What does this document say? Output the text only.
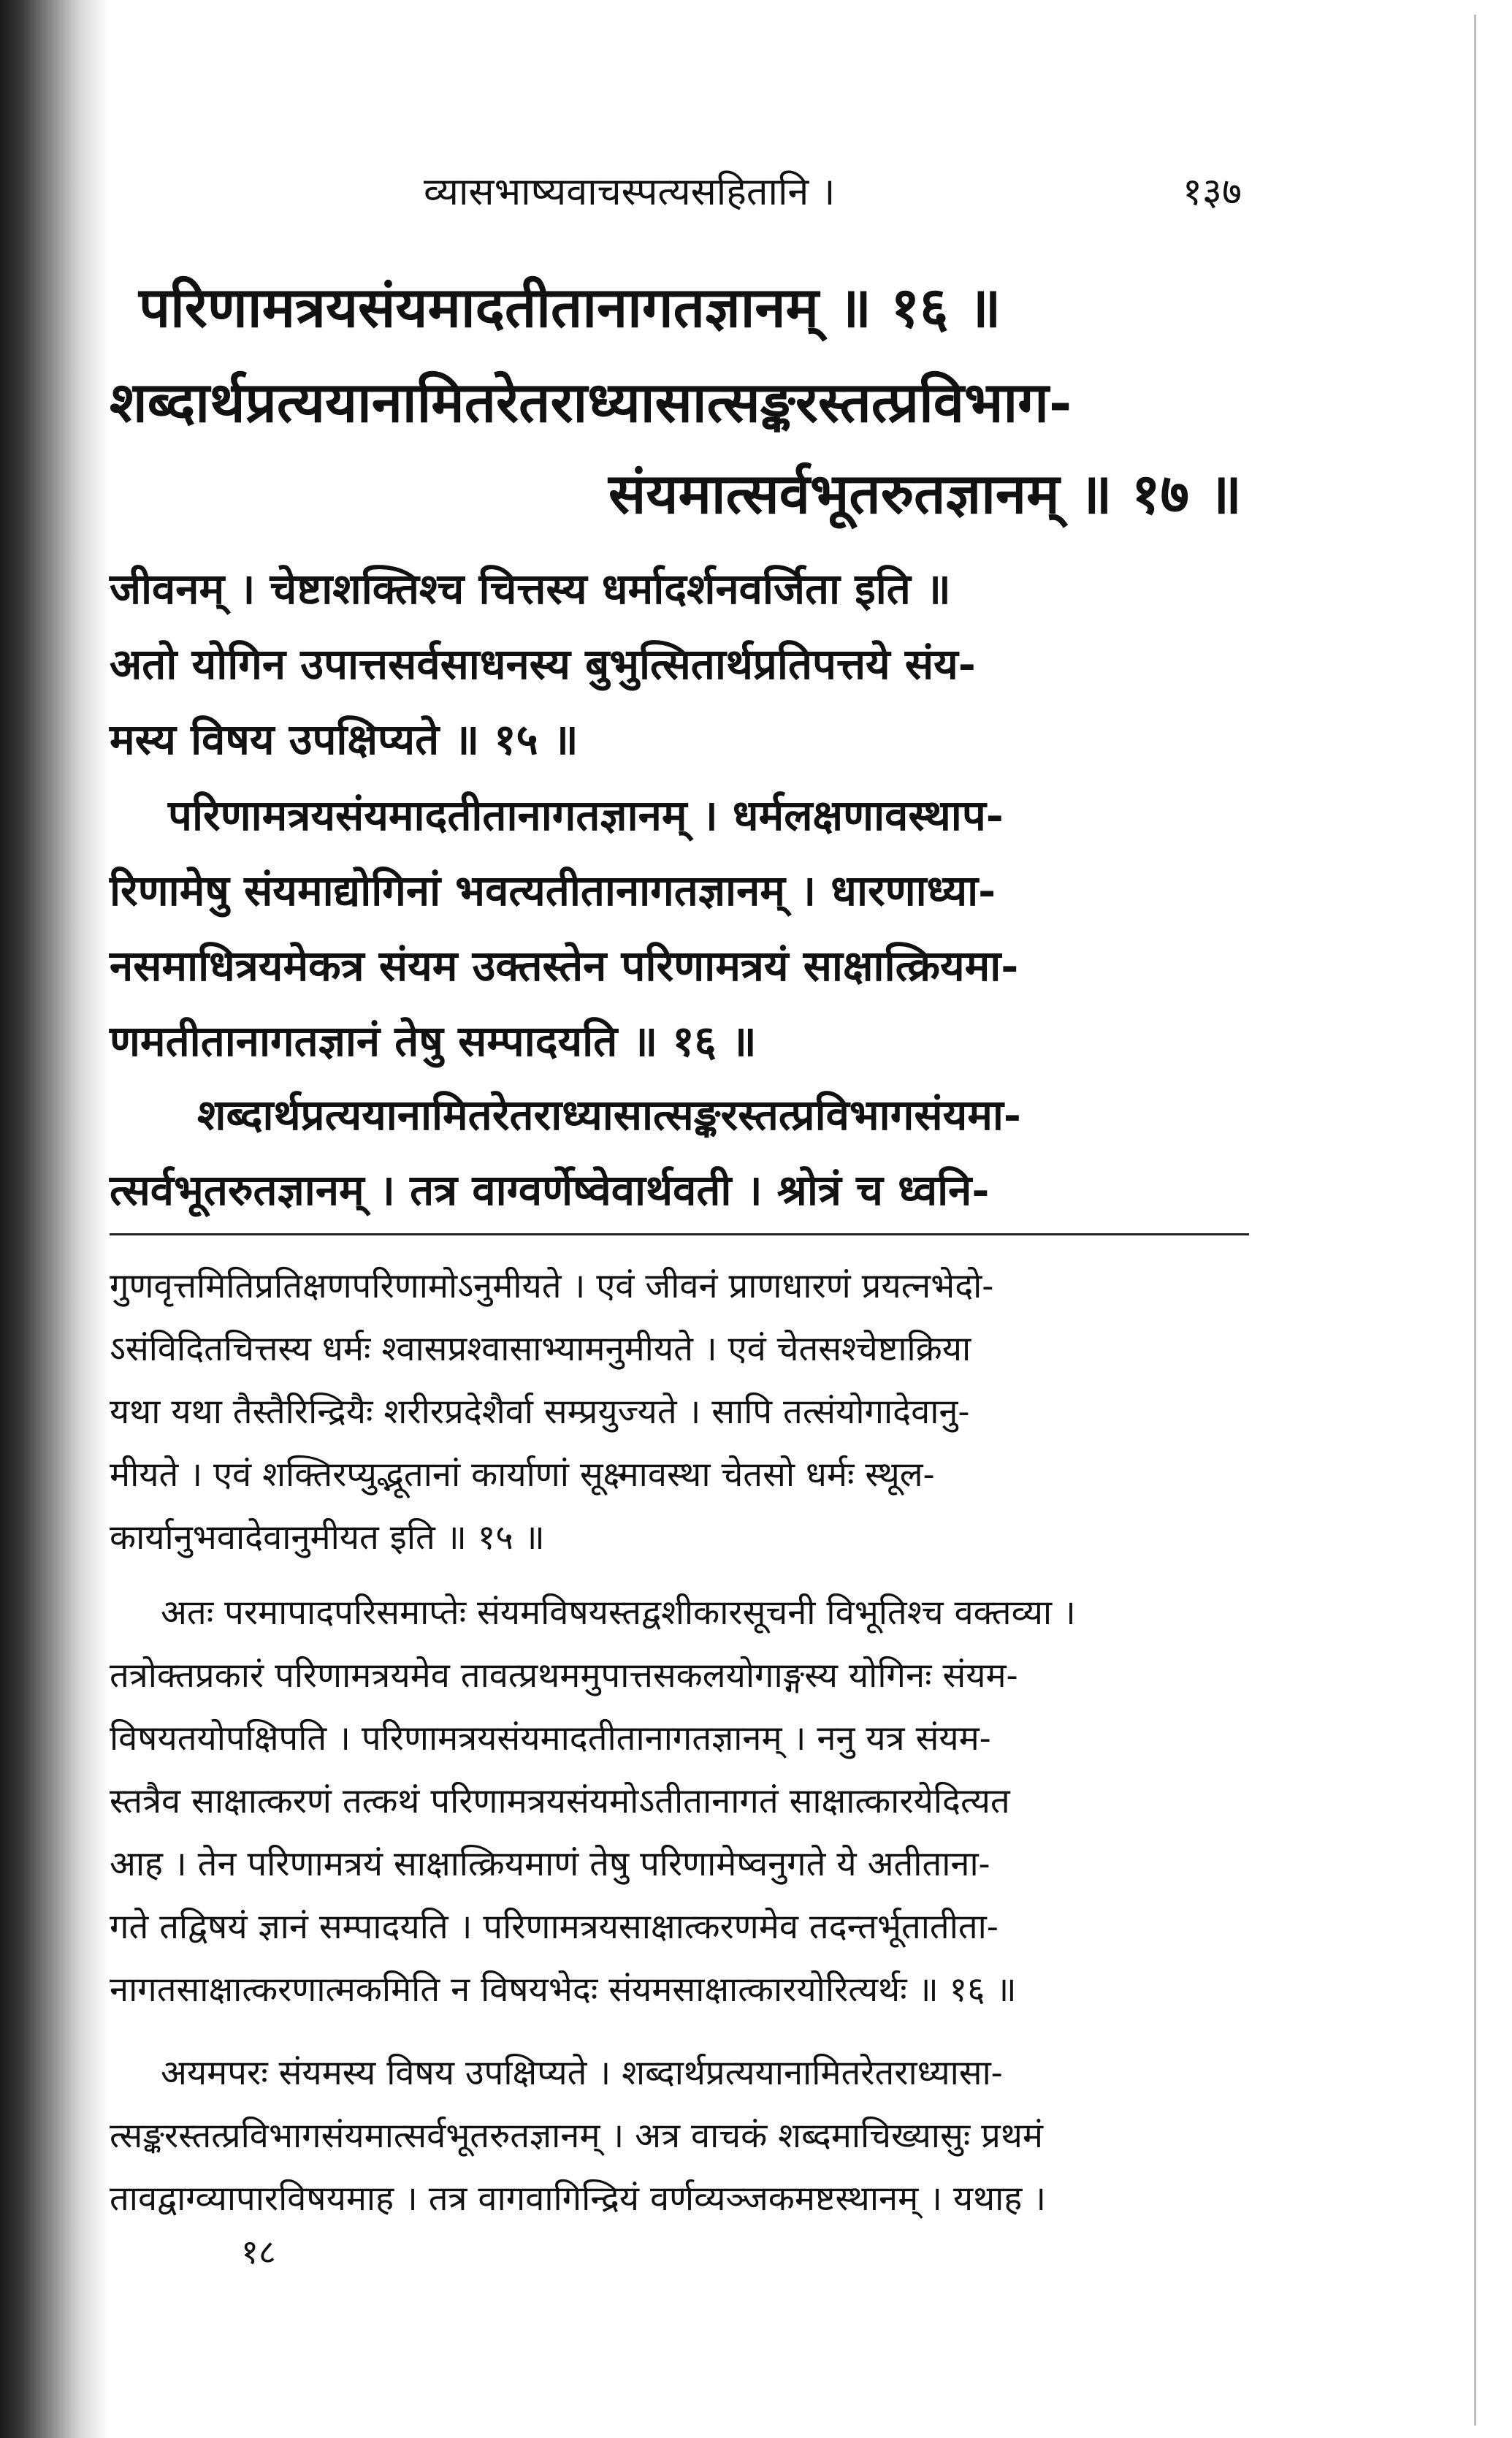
व्यासभाष्यवाचस्पत्यसहितानि ।	१३७
परिणामत्रयसंयमादतीतानागतज्ञानम् ॥ १६ ॥
शब्दार्थप्रत्ययानामितरेतराध्यासात्सङ्करस्तत्प्रविभाग-
संयमात्सर्वभूतरुतज्ञानम् ॥ १७ ॥

जीवनम् । चेष्टाशक्तिश्च चित्तस्य धर्मादर्शनवर्जिता इति ॥
अतो योगिन उपात्तसर्वसाधनस्य बुभुत्सितार्थप्रतिपत्तये संय-
मस्य विषय उपक्षिप्यते ॥ १५ ॥

परिणामत्रयसंयमादतीतानागतज्ञानम् । धर्मलक्षणावस्थाप-
रिणामेषु संयमाद्योगिनां भवत्यतीतानागतज्ञानम् । धारणाध्या-
नसमाधित्रयमेकत्र संयम उक्तस्तेन परिणामत्रयं साक्षात्क्रियमा-
णमतीतानागतज्ञानं तेषु सम्पादयति ॥ १६ ॥

शब्दार्थप्रत्ययानामितरेतराध्यासात्सङ्करस्तत्प्रविभागसंयमा-
त्सर्वभूतरुतज्ञानम् । तत्र वाग्वर्णेष्वेवार्थवती । श्रोत्रं च ध्वनि-

गुणवृत्तमितिप्रतिक्षणपरिणामोऽनुमीयते । एवं जीवनं प्राणधारणं प्रयत्नभेदो-
ऽसंविदितचित्तस्य धर्मः श्वासप्रश्वासाभ्यामनुमीयते । एवं चेतसश्चेष्टाक्रिया
यथा यथा तैस्तैरिन्द्रियैः शरीरप्रदेशैर्वा सम्प्रयुज्यते । सापि तत्संयोगादेवानु-
मीयते । एवं शक्तिरप्युद्भूतानां कार्याणां सूक्ष्मावस्था चेतसो धर्मः स्थूल-
कार्यानुभवादेवानुमीयत इति ॥ १५ ॥

अतः परमापादपरिसमाप्तेः संयमविषयस्तद्वशीकारसूचनी विभूतिश्च वक्तव्या ।
तत्रोक्तप्रकारं परिणामत्रयमेव तावत्प्रथममुपात्तसकलयोगाङ्गस्य योगिनः संयम-
विषयतयोपक्षिपति । परिणामत्रयसंयमादतीतानागतज्ञानम् । ननु यत्र संयम-
स्तत्रैव साक्षात्करणं तत्कथं परिणामत्रयसंयमोऽतीतानागतं साक्षात्कारयेदित्यत
आह । तेन परिणामत्रयं साक्षात्क्रियमाणं तेषु परिणामेष्वनुगते ये अतीताना-
गते तद्विषयं ज्ञानं सम्पादयति । परिणामत्रयसाक्षात्करणमेव तदन्तर्भूतातीता-
नागतसाक्षात्करणात्मकमिति न विषयभेदः संयमसाक्षात्कारयोरित्यर्थः ॥ १६ ॥

अयमपरः संयमस्य विषय उपक्षिप्यते । शब्दार्थप्रत्ययानामितरेतराध्यासा-
त्सङ्करस्तत्प्रविभागसंयमात्सर्वभूतरुतज्ञानम् । अत्र वाचकं शब्दमाचिख्यासुः प्रथमं
तावद्वाग्व्यापारविषयमाह । तत्र वागवागिन्द्रियं वर्णव्यञ्जकमष्टस्थानम् । यथाह ।

१८
